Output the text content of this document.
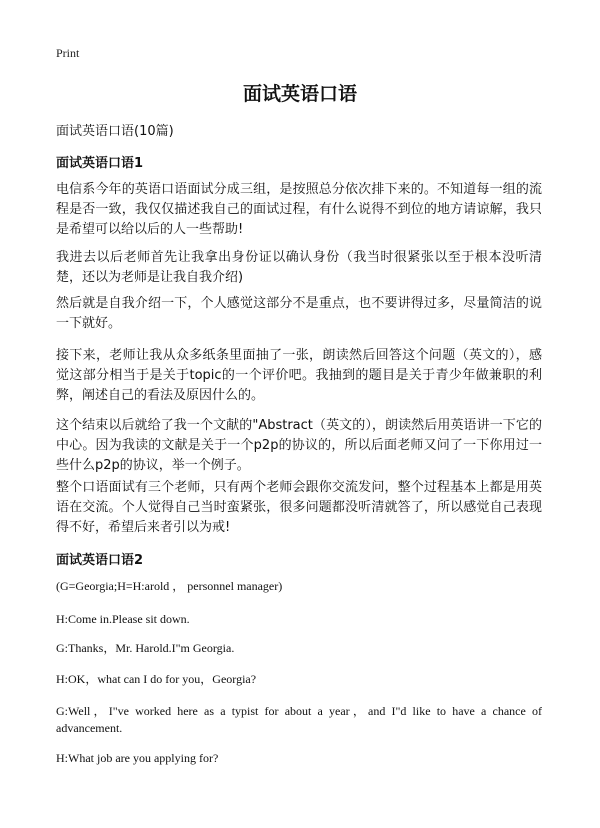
Print
面试英语口语
面试英语口语(10篇)
面试英语口语1

电信系今年的英语口语面试分成三组，是按照总分依次排下来的。不知道每一组的流程是否一致，我仅仅描述我自己的面试过程，有什么说得不到位的地方请谅解，我只是希望可以给以后的人一些帮助!

我进去以后老师首先让我拿出身份证以确认身份（我当时很紧张以至于根本没听清楚，还以为老师是让我自我介绍)

然后就是自我介绍一下，个人感觉这部分不是重点，也不要讲得过多，尽量简洁的说一下就好。

接下来，老师让我从众多纸条里面抽了一张，朗读然后回答这个问题（英文的），感觉这部分相当于是关于topic的一个评价吧。我抽到的题目是关于青少年做兼职的利弊，阐述自己的看法及原因什么的。

这个结束以后就给了我一个文献的"Abstract（英文的），朗读然后用英语讲一下它的中心。因为我读的文献是关于一个p2p的协议的，所以后面老师又问了一下你用过一些什么p2p的协议，举一个例子。

整个口语面试有三个老师，只有两个老师会跟你交流发问，整个过程基本上都是用英语在交流。个人觉得自己当时蛮紧张，很多问题都没听清就答了，所以感觉自己表现得不好，希望后来者引以为戒!

面试英语口语2

(G=Georgia;H=H:arold ， personnel manager)

H:Come in.Please sit down.

G:Thanks，Mr. Harold.I"m Georgia.

H:OK，what can I do for you，Georgia?

G:Well，I"ve worked here as a typist for about a year，and I"d like to have a chance of advancement.

H:What job are you applying for?
